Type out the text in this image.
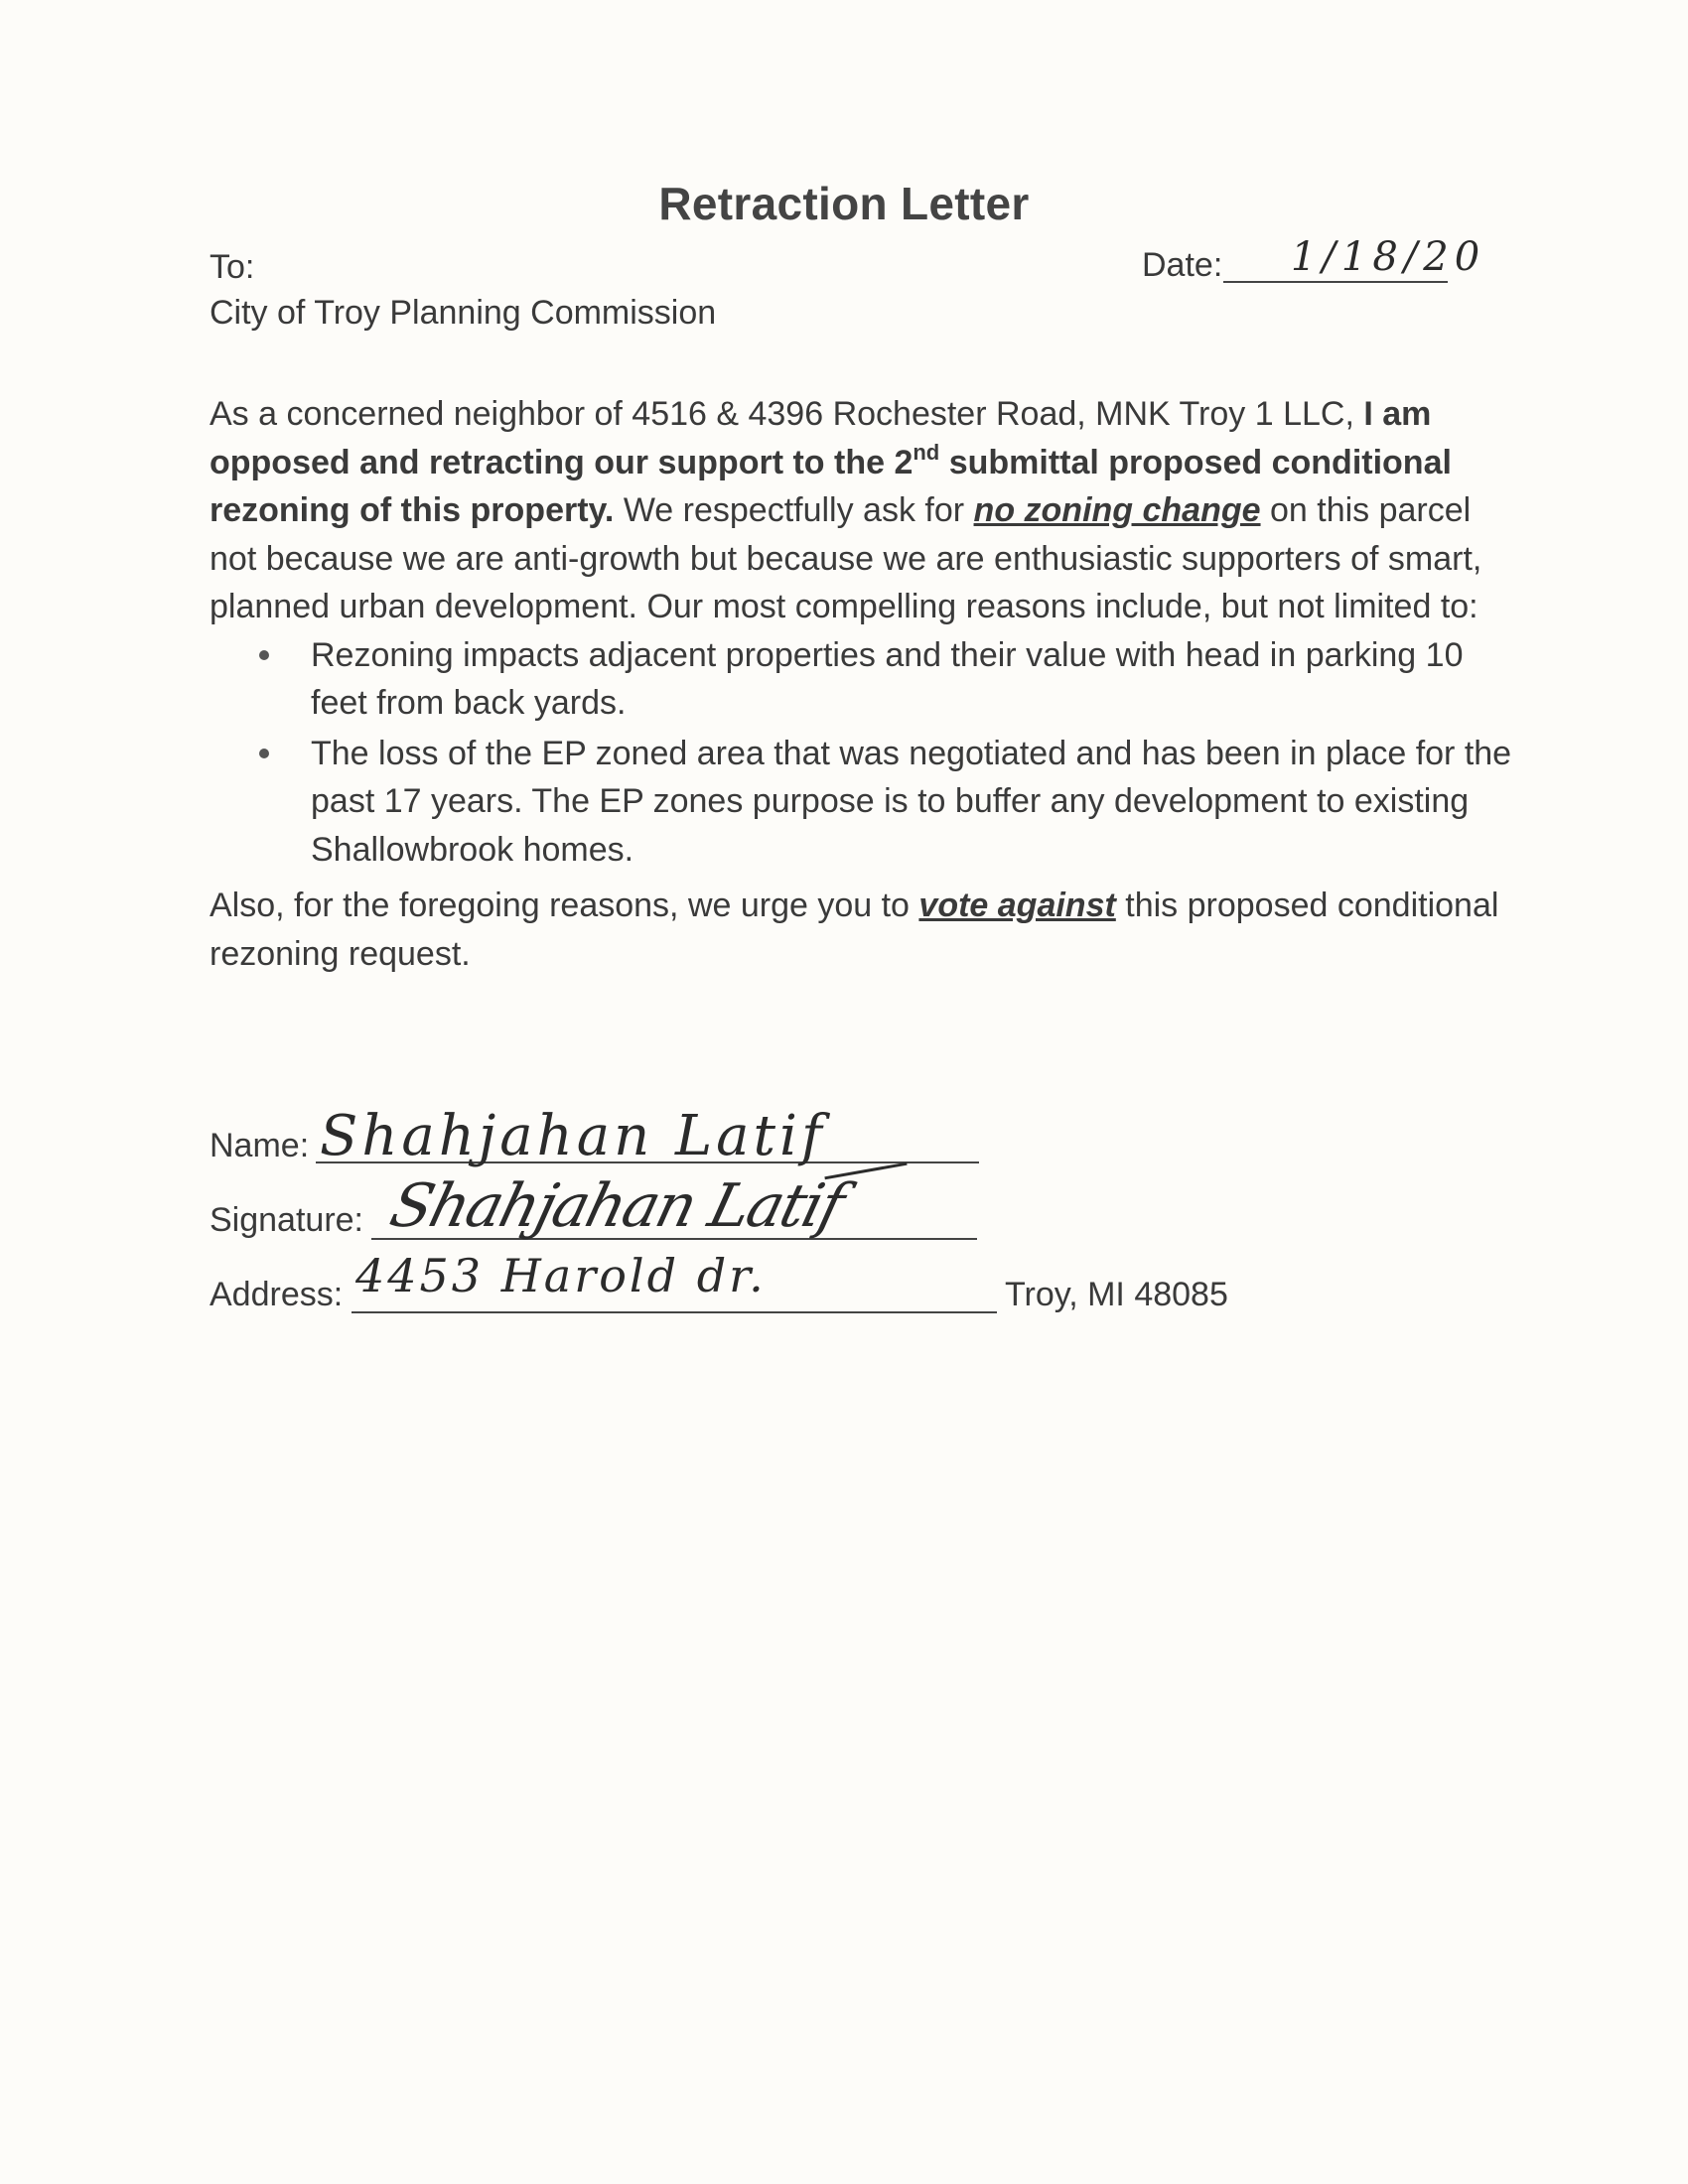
Retraction Letter
To:
City of Troy Planning Commission
Date: 1/18/20

As a concerned neighbor of 4516 & 4396 Rochester Road, MNK Troy 1 LLC, I am opposed and retracting our support to the 2nd submittal proposed conditional rezoning of this property. We respectfully ask for no zoning change on this parcel not because we are anti-growth but because we are enthusiastic supporters of smart, planned urban development. Our most compelling reasons include, but not limited to:

Rezoning impacts adjacent properties and their value with head in parking 10 feet from back yards.
The loss of the EP zoned area that was negotiated and has been in place for the past 17 years. The EP zones purpose is to buffer any development to existing Shallowbrook homes.

Also, for the foregoing reasons, we urge you to vote against this proposed conditional rezoning request.

Name: Shahjahan Latif
Signature: Shahjahan Latif
Address: 4453 Harold dr.	Troy, MI 48085
